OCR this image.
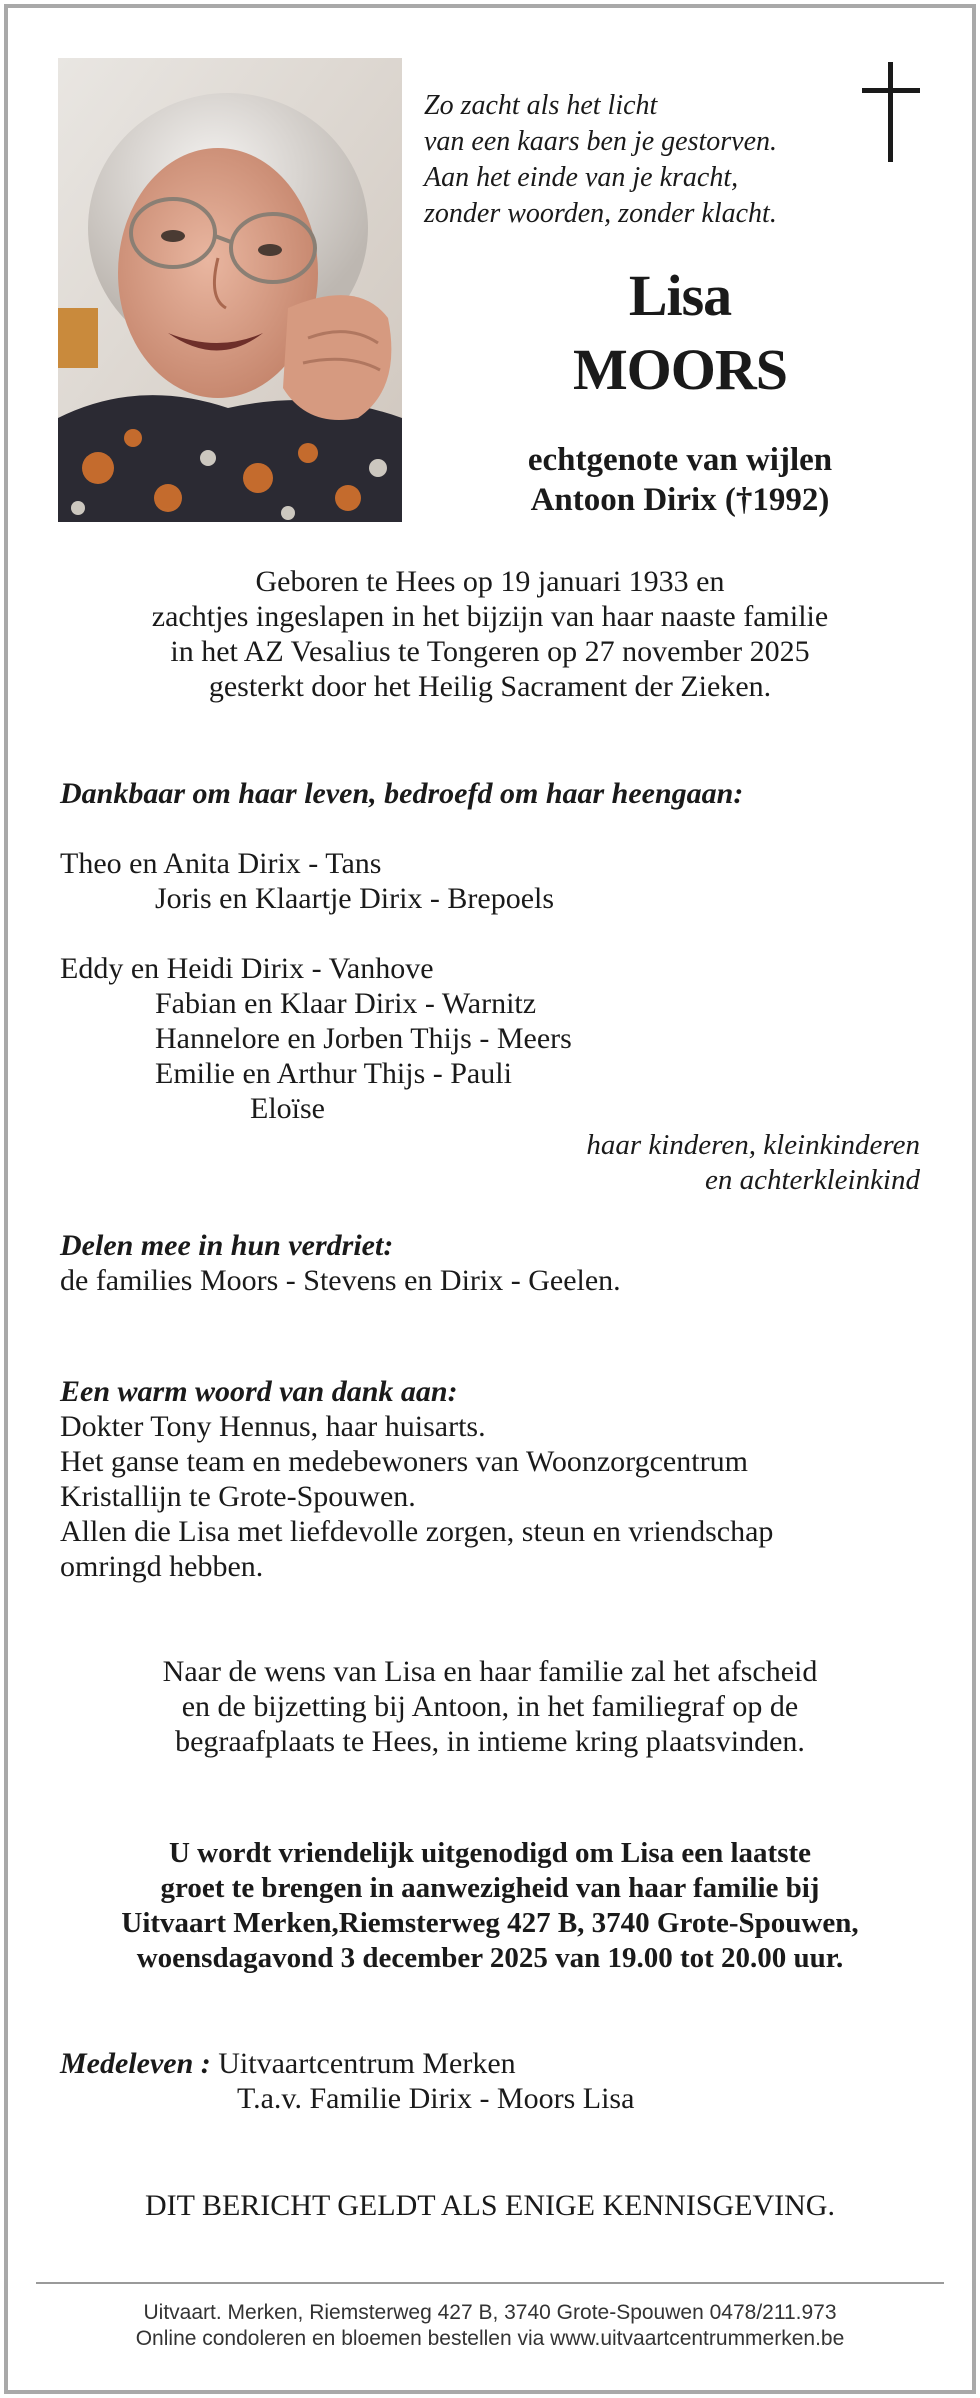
Zo zacht als het licht
van een kaars ben je gestorven.
Aan het einde van je kracht,
zonder woorden, zonder klacht.
Lisa
MOORS
echtgenote van wijlen
Antoon Dirix (†1992)
Geboren te Hees op 19 januari 1933 en
zachtjes ingeslapen in het bijzijn van haar naaste familie
in het AZ Vesalius te Tongeren op 27 november 2025
gesterkt door het Heilig Sacrament der Zieken.
Dankbaar om haar leven, bedroefd om haar heengaan:
Theo en Anita Dirix - Tans
Joris en Klaartje Dirix - Brepoels
Eddy en Heidi Dirix - Vanhove
Fabian en Klaar Dirix - Warnitz
Hannelore en Jorben Thijs - Meers
Emilie en Arthur Thijs - Pauli
Eloïse
haar kinderen, kleinkinderen
en achterkleinkind
Delen mee in hun verdriet:
de families Moors - Stevens en Dirix - Geelen.
Een warm woord van dank aan:
Dokter Tony Hennus, haar huisarts.
Het ganse team en medebewoners van Woonzorgcentrum
Kristallijn te Grote-Spouwen.
Allen die Lisa met liefdevolle zorgen, steun en vriendschap
omringd hebben.
Naar de wens van Lisa en haar familie zal het afscheid
en de bijzetting bij Antoon, in het familiegraf op de
begraafplaats te Hees, in intieme kring plaatsvinden.
U wordt vriendelijk uitgenodigd om Lisa een laatste
groet te brengen in aanwezigheid van haar familie bij
Uitvaart Merken,Riemsterweg 427 B, 3740 Grote-Spouwen,
woensdagavond 3 december 2025 van 19.00 tot 20.00 uur.
Medeleven : Uitvaartcentrum Merken
T.a.v. Familie Dirix - Moors Lisa
DIT BERICHT GELDT ALS ENIGE KENNISGEVING.
Uitvaart. Merken, Riemsterweg 427 B, 3740 Grote-Spouwen 0478/211.973
Online condoleren en bloemen bestellen via www.uitvaartcentrummerken.be
